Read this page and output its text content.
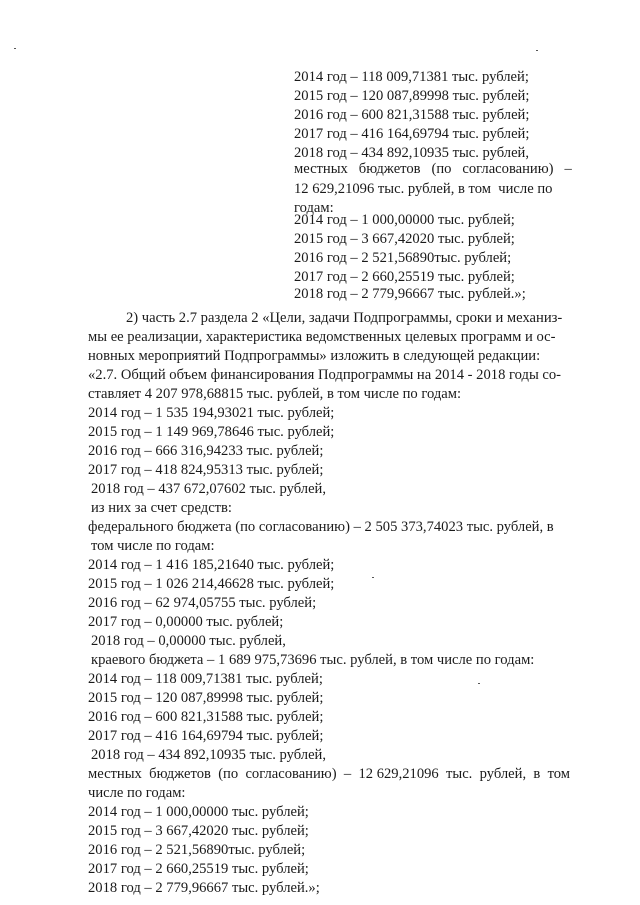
2014 год – 118 009,71381 тыс. рублей;
2015 год – 120 087,89998 тыс. рублей;
2016 год – 600 821,31588 тыс. рублей;
2017 год – 416 164,69794 тыс. рублей;
2018 год – 434 892,10935 тыс. рублей,
местных   бюджетов   (по   согласованию)   –
12 629,21096 тыс. рублей, в том  числе по
годам:
2014 год – 1 000,00000 тыс. рублей;
2015 год – 3 667,42020 тыс. рублей;
2016 год – 2 521,56890тыс. рублей;
2017 год – 2 660,25519 тыс. рублей;
2018 год – 2 779,96667 тыс. рублей.»;
2) часть 2.7 раздела 2 «Цели, задачи Подпрограммы, сроки и механиз-
мы ее реализации, характеристика ведомственных целевых программ и ос-
новных мероприятий Подпрограммы» изложить в следующей редакции:
«2.7. Общий объем финансирования Подпрограммы на 2014 - 2018 годы со-
ставляет 4 207 978,68815 тыс. рублей, в том числе по годам:
2014 год – 1 535 194,93021 тыс. рублей;
2015 год – 1 149 969,78646 тыс. рублей;
2016 год – 666 316,94233 тыс. рублей;
2017 год – 418 824,95313 тыс. рублей;
2018 год – 437 672,07602 тыс. рублей,
из них за счет средств:
федерального бюджета (по согласованию) – 2 505 373,74023 тыс. рублей, в
том числе по годам:
2014 год – 1 416 185,21640 тыс. рублей;
2015 год – 1 026 214,46628 тыс. рублей;
2016 год – 62 974,05755 тыс. рублей;
2017 год – 0,00000 тыс. рублей;
2018 год – 0,00000 тыс. рублей,
краевого бюджета – 1 689 975,73696 тыс. рублей, в том числе по годам:
2014 год – 118 009,71381 тыс. рублей;
2015 год – 120 087,89998 тыс. рублей;
2016 год – 600 821,31588 тыс. рублей;
2017 год – 416 164,69794 тыс. рублей;
2018 год – 434 892,10935 тыс. рублей,
местных  бюджетов  (по  согласованию)  –  12 629,21096  тыс.  рублей,  в  том
числе по годам:
2014 год – 1 000,00000 тыс. рублей;
2015 год – 3 667,42020 тыс. рублей;
2016 год – 2 521,56890тыс. рублей;
2017 год – 2 660,25519 тыс. рублей;
2018 год – 2 779,96667 тыс. рублей.»;
